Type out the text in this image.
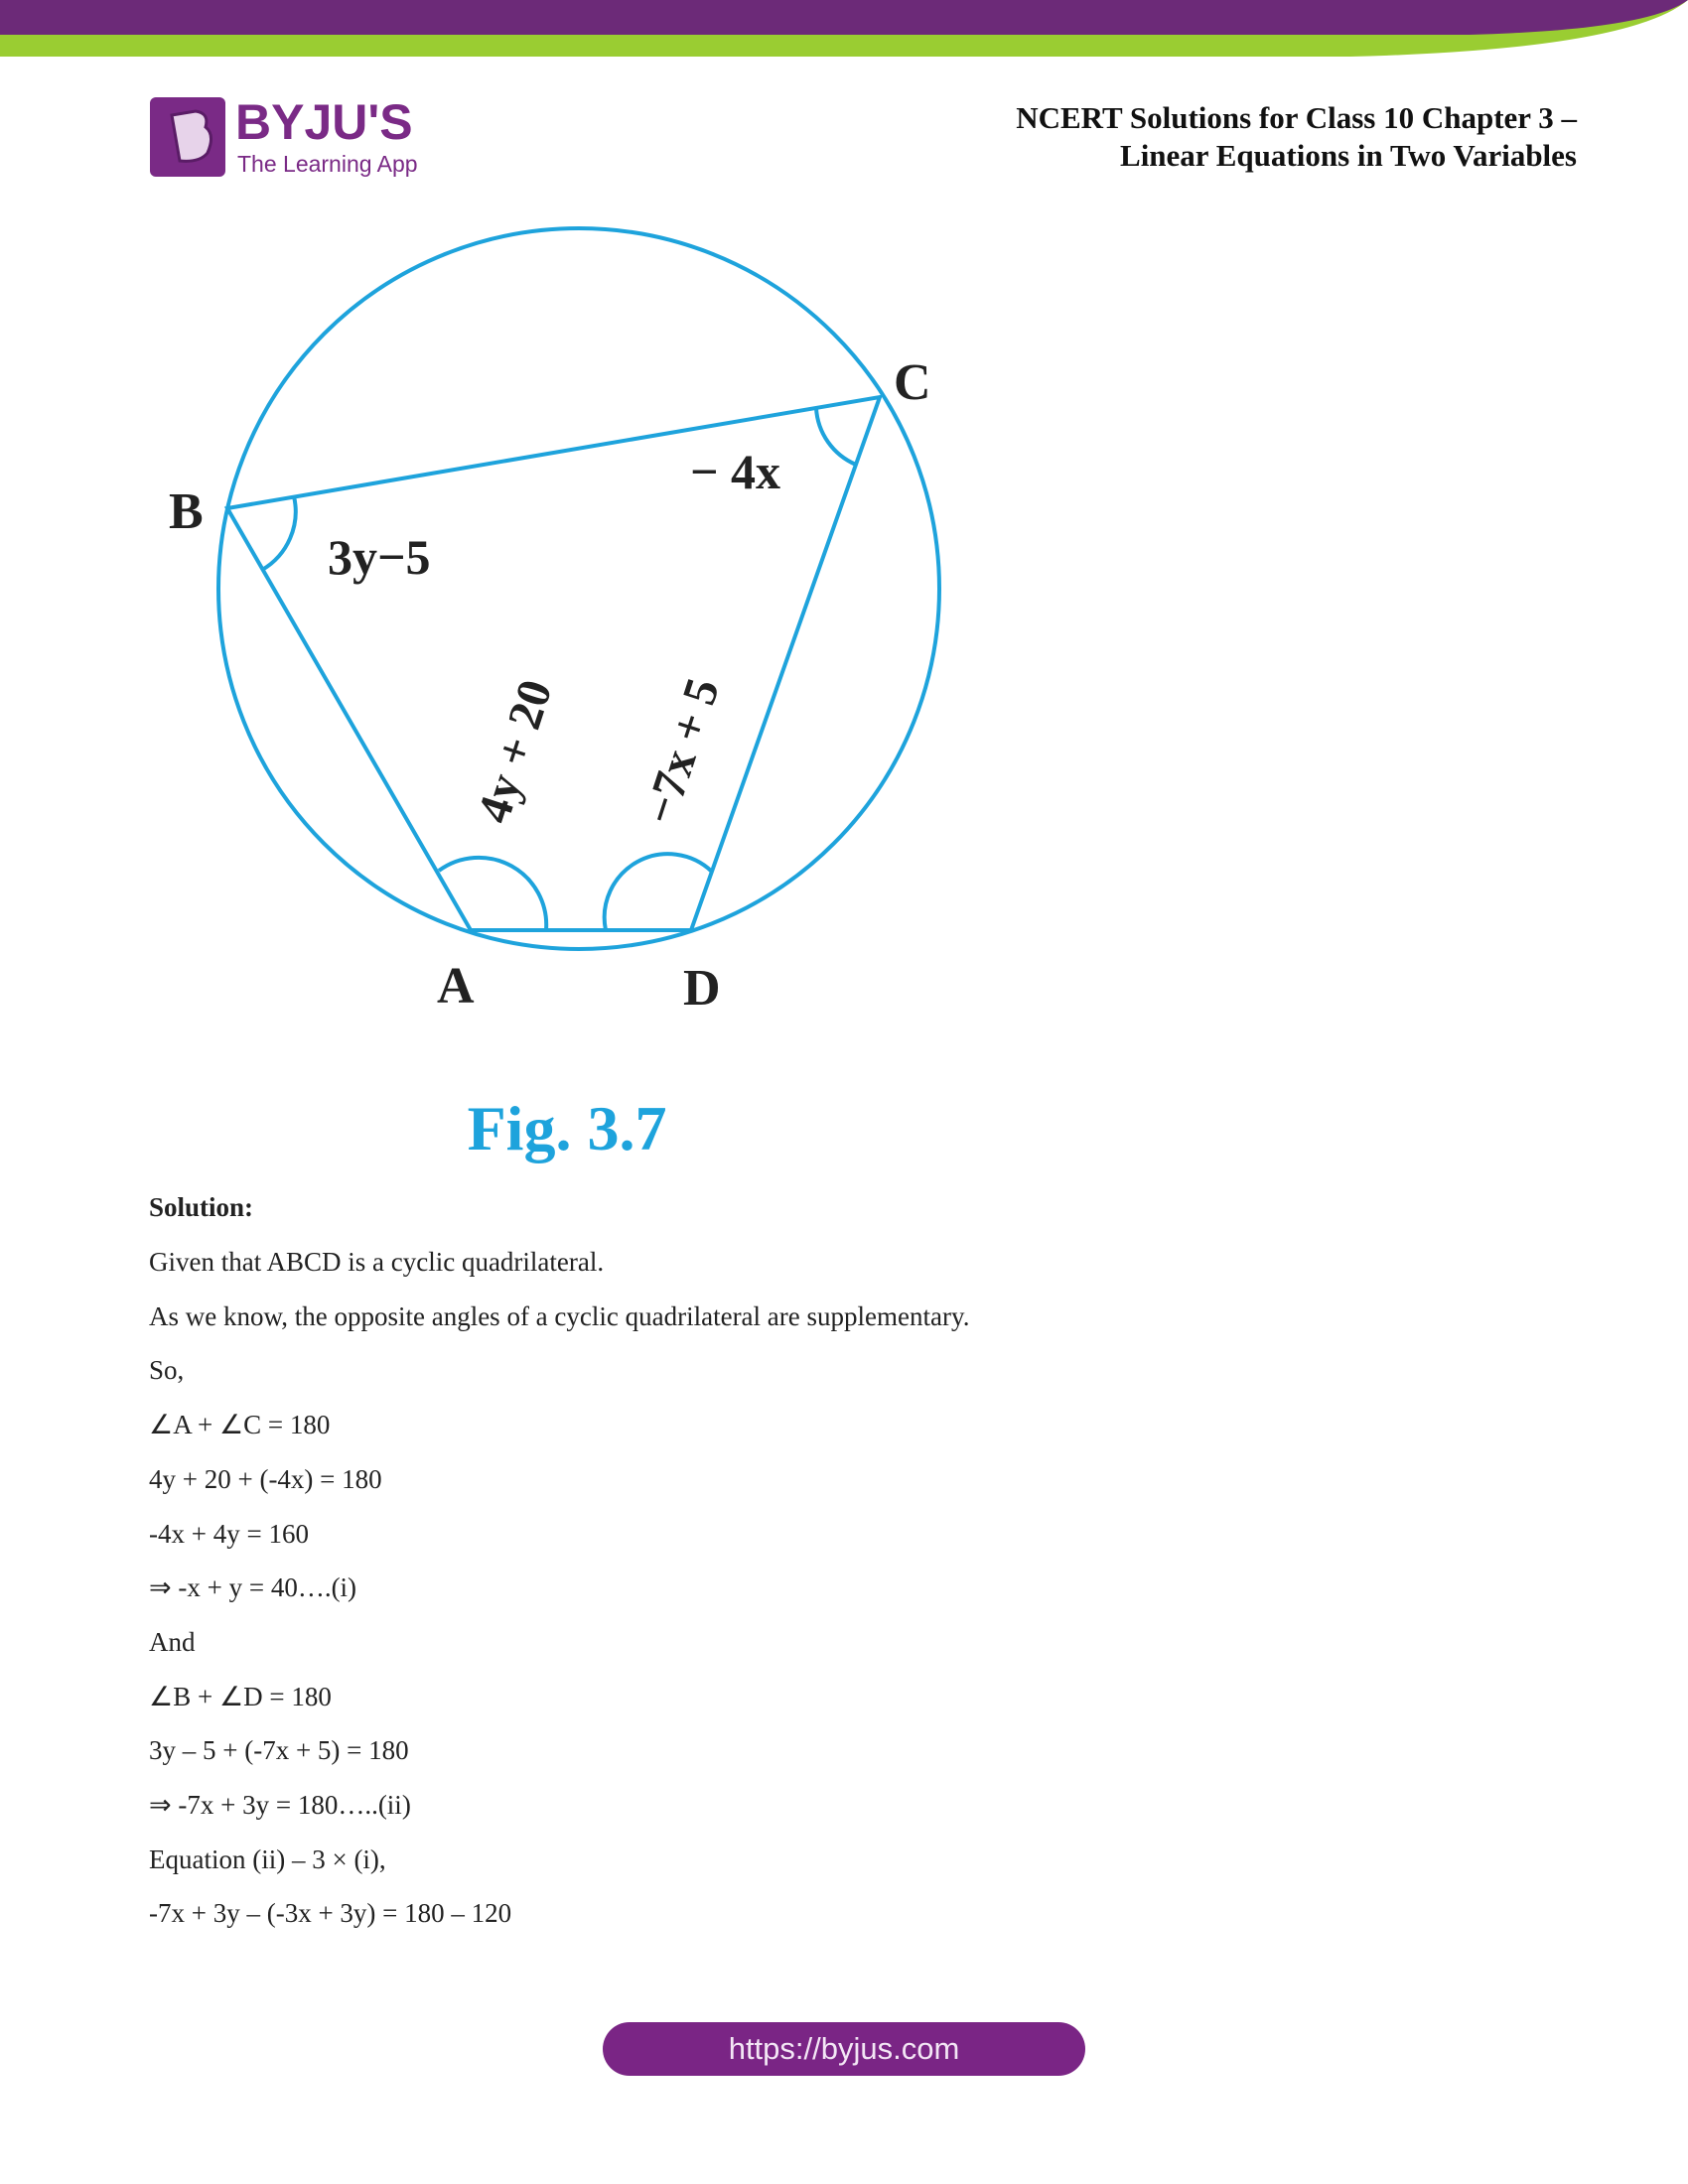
BYJU'S
The Learning App
NCERT Solutions for Class 10 Chapter 3 –
Linear Equations in Two Variables
B
C
A	D
3y−5
− 4x
4y + 20 −7x + 5
Fig. 3.7
Solution:
Given that ABCD is a cyclic quadrilateral.
As we know, the opposite angles of a cyclic quadrilateral are supplementary.
So,
∠A + ∠C = 180
4y + 20 + (-4x) = 180
-4x + 4y = 160
⇒ -x + y = 40….(i)
And
∠B + ∠D = 180
3y – 5 + (-7x + 5) = 180
⇒ -7x + 3y = 180…..(ii)
Equation (ii) – 3 × (i),
-7x + 3y – (-3x + 3y) = 180 – 120
https://byjus.com
